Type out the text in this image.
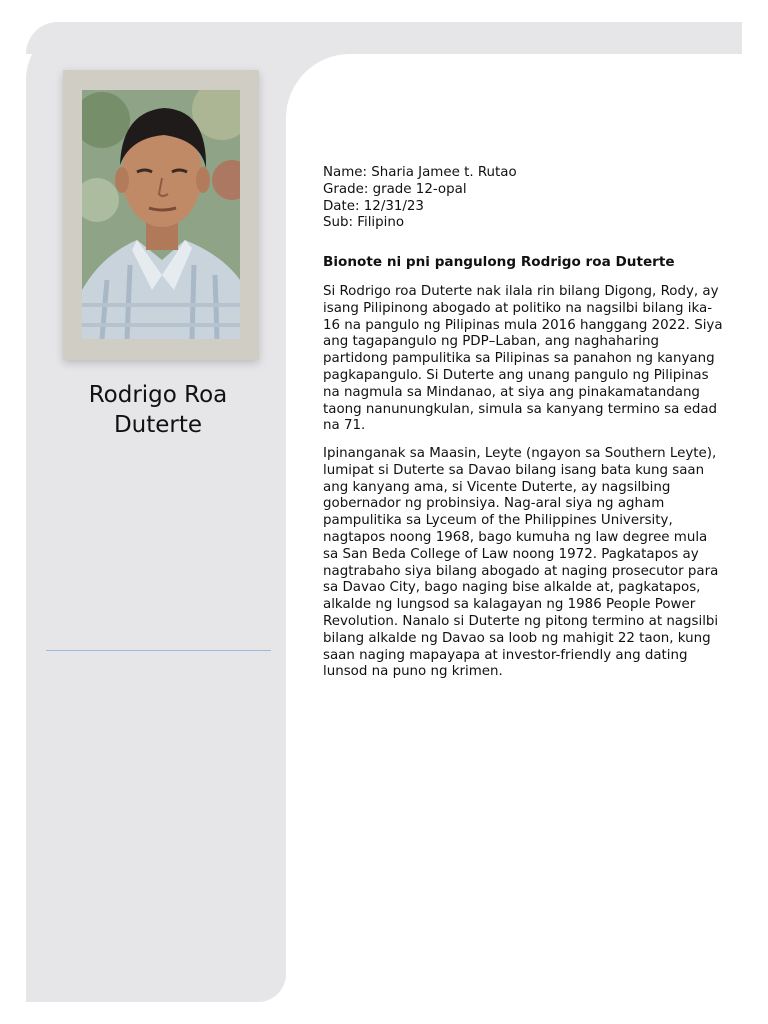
Rodrigo Roa Duterte
Name: Sharia Jamee t. Rutao
Grade: grade 12-opal
Date: 12/31/23
Sub: Filipino
Bionote ni pni pangulong Rodrigo roa Duterte

Si Rodrigo roa Duterte nak ilala rin bilang Digong, Rody, ay isang Pilipinong abogado at politiko na nagsilbi bilang ika-16 na pangulo ng Pilipinas mula 2016 hanggang 2022. Siya ang tagapangulo ng PDP–Laban, ang naghaharing partidong pampulitika sa Pilipinas sa panahon ng kanyang pagkapangulo. Si Duterte ang unang pangulo ng Pilipinas na nagmula sa Mindanao, at siya ang pinakamatandang taong nanunungkulan, simula sa kanyang termino sa edad na 71.

Ipinanganak sa Maasin, Leyte (ngayon sa Southern Leyte), lumipat si Duterte sa Davao bilang isang bata kung saan ang kanyang ama, si Vicente Duterte, ay nagsilbing gobernador ng probinsiya. Nag-aral siya ng agham pampulitika sa Lyceum of the Philippines University, nagtapos noong 1968, bago kumuha ng law degree mula sa San Beda College of Law noong 1972. Pagkatapos ay nagtrabaho siya bilang abogado at naging prosecutor para sa Davao City, bago naging bise alkalde at, pagkatapos, alkalde ng lungsod sa kalagayan ng 1986 People Power Revolution. Nanalo si Duterte ng pitong termino at nagsilbi bilang alkalde ng Davao sa loob ng mahigit 22 taon, kung saan naging mapayapa at investor-friendly ang dating lunsod na puno ng krimen.
